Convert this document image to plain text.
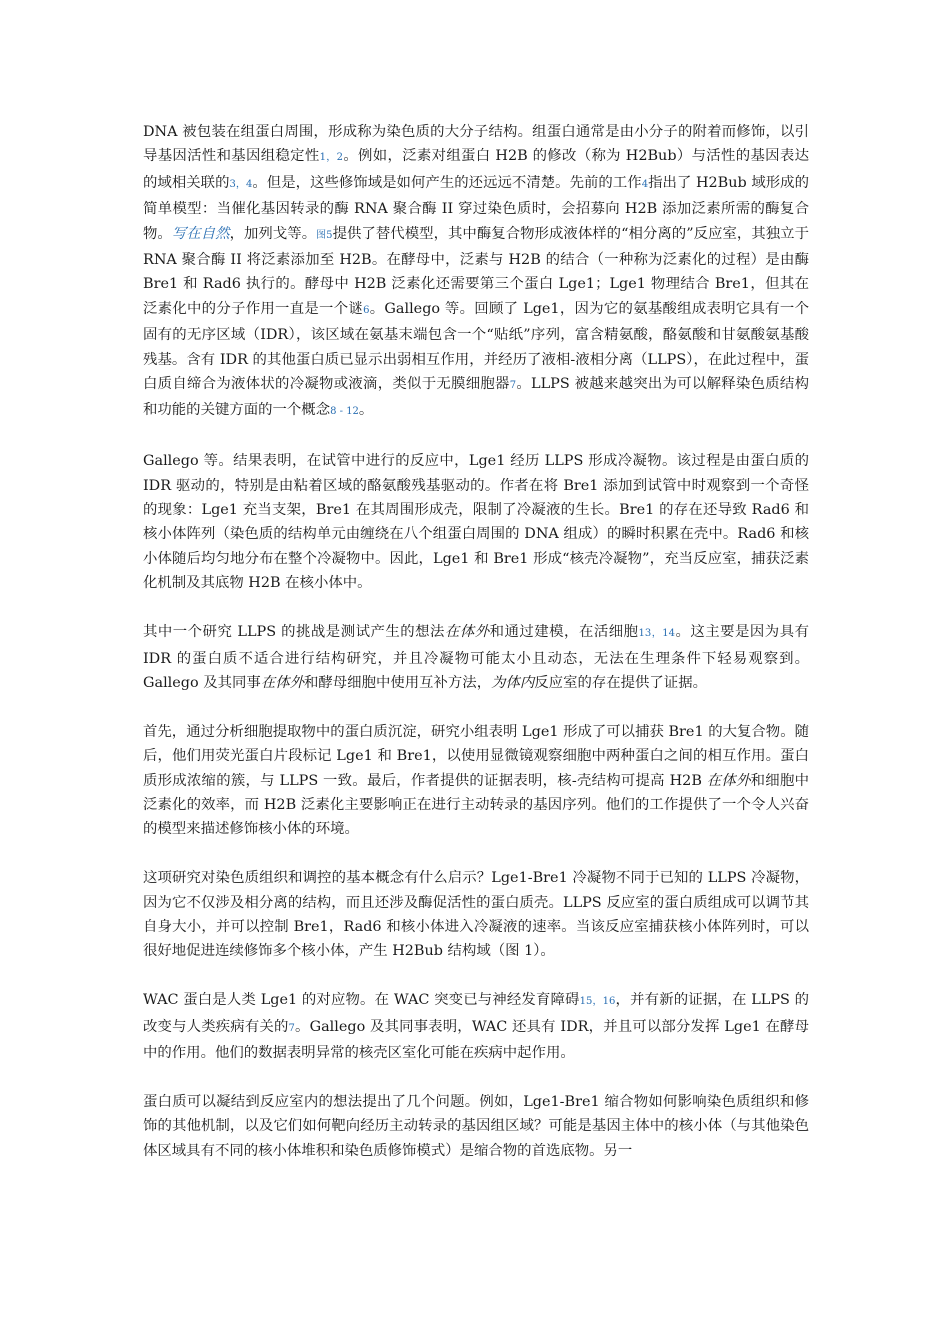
DNA 被包装在组蛋白周围，形成称为染色质的大分子结构。组蛋白通常是由小分子的附着而修饰，以引导基因活性和基因组稳定性1，2。例如，泛素对组蛋白 H2B 的修改（称为 H2Bub）与活性的基因表达的域相关联的3，4。但是，这些修饰域是如何产生的还远远不清楚。先前的工作4指出了 H2Bub 域形成的简单模型：当催化基因转录的酶 RNA 聚合酶 II 穿过染色质时，会招募向 H2B 添加泛素所需的酶复合物。写在自然，加列戈等。图5提供了替代模型，其中酶复合物形成液体样的“相分离的”反应室，其独立于 RNA 聚合酶 II 将泛素添加至 H2B。在酵母中，泛素与 H2B 的结合（一种称为泛素化的过程）是由酶 Bre1 和 Rad6 执行的。酵母中 H2B 泛素化还需要第三个蛋白 Lge1；Lge1 物理结合 Bre1，但其在泛素化中的分子作用一直是一个谜6。Gallego 等。回顾了 Lge1，因为它的氨基酸组成表明它具有一个固有的无序区域（IDR），该区域在氨基末端包含一个“贴纸”序列，富含精氨酸，酪氨酸和甘氨酸氨基酸残基。含有 IDR 的其他蛋白质已显示出弱相互作用，并经历了液相-液相分离（LLPS），在此过程中，蛋白质自缔合为液体状的冷凝物或液滴，类似于无膜细胞器7。LLPS 被越来越突出为可以解释染色质结构和功能的关键方面的一个概念8 - 12。

Gallego 等。结果表明，在试管中进行的反应中，Lge1 经历 LLPS 形成冷凝物。该过程是由蛋白质的 IDR 驱动的，特别是由粘着区域的酪氨酸残基驱动的。作者在将 Bre1 添加到试管中时观察到一个奇怪的现象：Lge1 充当支架，Bre1 在其周围形成壳，限制了冷凝液的生长。Bre1 的存在还导致 Rad6 和核小体阵列（染色质的结构单元由缠绕在八个组蛋白周围的 DNA 组成）的瞬时积累在壳中。Rad6 和核小体随后均匀地分布在整个冷凝物中。因此，Lge1 和 Bre1 形成“核壳冷凝物”，充当反应室，捕获泛素化机制及其底物 H2B 在核小体中。

其中一个研究 LLPS 的挑战是测试产生的想法在体外和通过建模，在活细胞13，14。这主要是因为具有 IDR 的蛋白质不适合进行结构研究，并且冷凝物可能太小且动态，无法在生理条件下轻易观察到。Gallego 及其同事在体外和酵母细胞中使用互补方法，为体内反应室的存在提供了证据。

首先，通过分析细胞提取物中的蛋白质沉淀，研究小组表明 Lge1 形成了可以捕获 Bre1 的大复合物。随后，他们用荧光蛋白片段标记 Lge1 和 Bre1，以使用显微镜观察细胞中两种蛋白之间的相互作用。蛋白质形成浓缩的簇，与 LLPS 一致。最后，作者提供的证据表明，核-壳结构可提高 H2B 在体外和细胞中泛素化的效率，而 H2B 泛素化主要影响正在进行主动转录的基因序列。他们的工作提供了一个令人兴奋的模型来描述修饰核小体的环境。

这项研究对染色质组织和调控的基本概念有什么启示？Lge1-Bre1 冷凝物不同于已知的 LLPS 冷凝物，因为它不仅涉及相分离的结构，而且还涉及酶促活性的蛋白质壳。LLPS 反应室的蛋白质组成可以调节其自身大小，并可以控制 Bre1，Rad6 和核小体进入冷凝液的速率。当该反应室捕获核小体阵列时，可以很好地促进连续修饰多个核小体，产生 H2Bub 结构域（图 1）。

WAC 蛋白是人类 Lge1 的对应物。在 WAC 突变已与神经发育障碍15，16，并有新的证据，在 LLPS 的改变与人类疾病有关的7。Gallego 及其同事表明，WAC 还具有 IDR，并且可以部分发挥 Lge1 在酵母中的作用。他们的数据表明异常的核壳区室化可能在疾病中起作用。

蛋白质可以凝结到反应室内的想法提出了几个问题。例如，Lge1-Bre1 缩合物如何影响染色质组织和修饰的其他机制，以及它们如何靶向经历主动转录的基因组区域？可能是基因主体中的核小体（与其他染色体区域具有不同的核小体堆积和染色质修饰模式）是缩合物的首选底物。另一
